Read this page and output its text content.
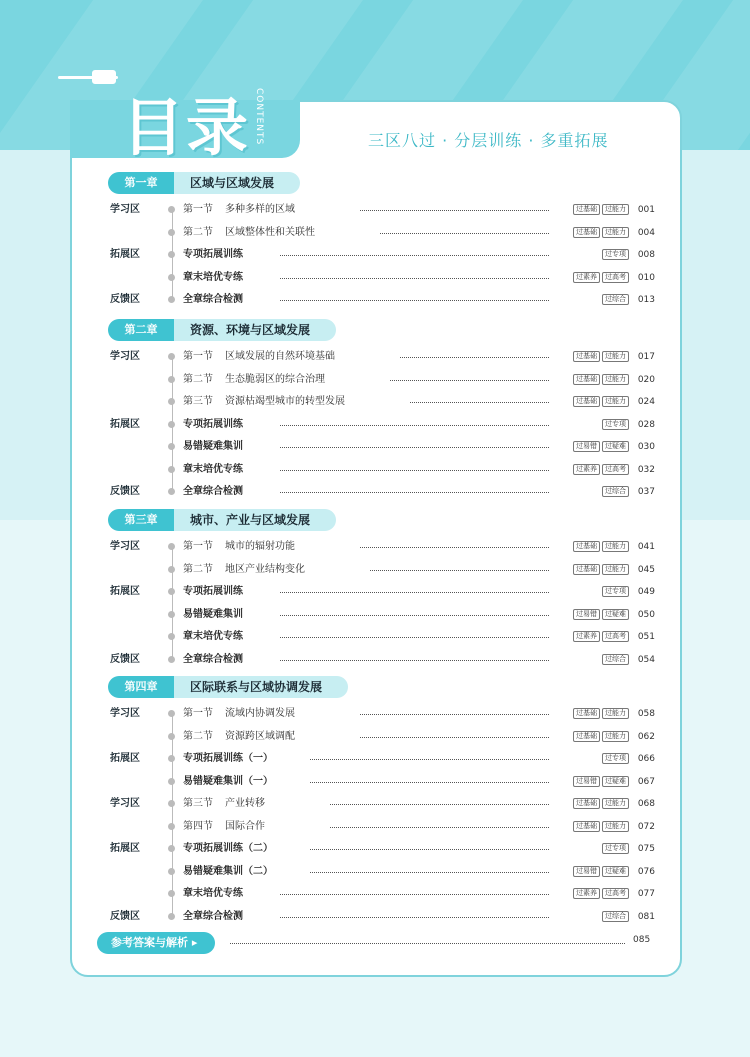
目录 CONTENTS	三区八过 · 分层训练 · 多重拓展
第一章	区域与区域发展
学习区	第一节 多种多样的区域	过基础	过能力	001
第二节 区域整体性和关联性	过基础	过能力	004
拓展区	专项拓展训练	过专项	008
章末培优专练	过素养	过高考	010
反馈区	全章综合检测	过综合	013
第二章	资源、环境与区域发展
学习区	第一节 区域发展的自然环境基础	过基础	过能力	017
第二节 生态脆弱区的综合治理	过基础	过能力	020
第三节 资源枯竭型城市的转型发展	过基础	过能力	024
拓展区	专项拓展训练	过专项	028
易错疑难集训	过易错	过疑难	030
章末培优专练	过素养	过高考	032
反馈区	全章综合检测	过综合	037
第三章	城市、产业与区域发展
学习区	第一节 城市的辐射功能	过基础	过能力	041
第二节 地区产业结构变化	过基础	过能力	045
拓展区	专项拓展训练	过专项	049
易错疑难集训	过易错	过疑难	050
章末培优专练	过素养	过高考	051
反馈区	全章综合检测	过综合	054
第四章	区际联系与区域协调发展
学习区	第一节 流域内协调发展	过基础	过能力	058
第二节 资源跨区域调配	过基础	过能力	062
拓展区	专项拓展训练（一）	过专项	066
易错疑难集训（一）	过易错	过疑难	067
学习区	第三节 产业转移	过基础	过能力	068
第四节 国际合作	过基础	过能力	072
拓展区	专项拓展训练（二）	过专项	075
易错疑难集训（二）	过易错	过疑难	076
章末培优专练	过素养	过高考	077
反馈区	全章综合检测	过综合	081
参考答案与解析 ▸	085
